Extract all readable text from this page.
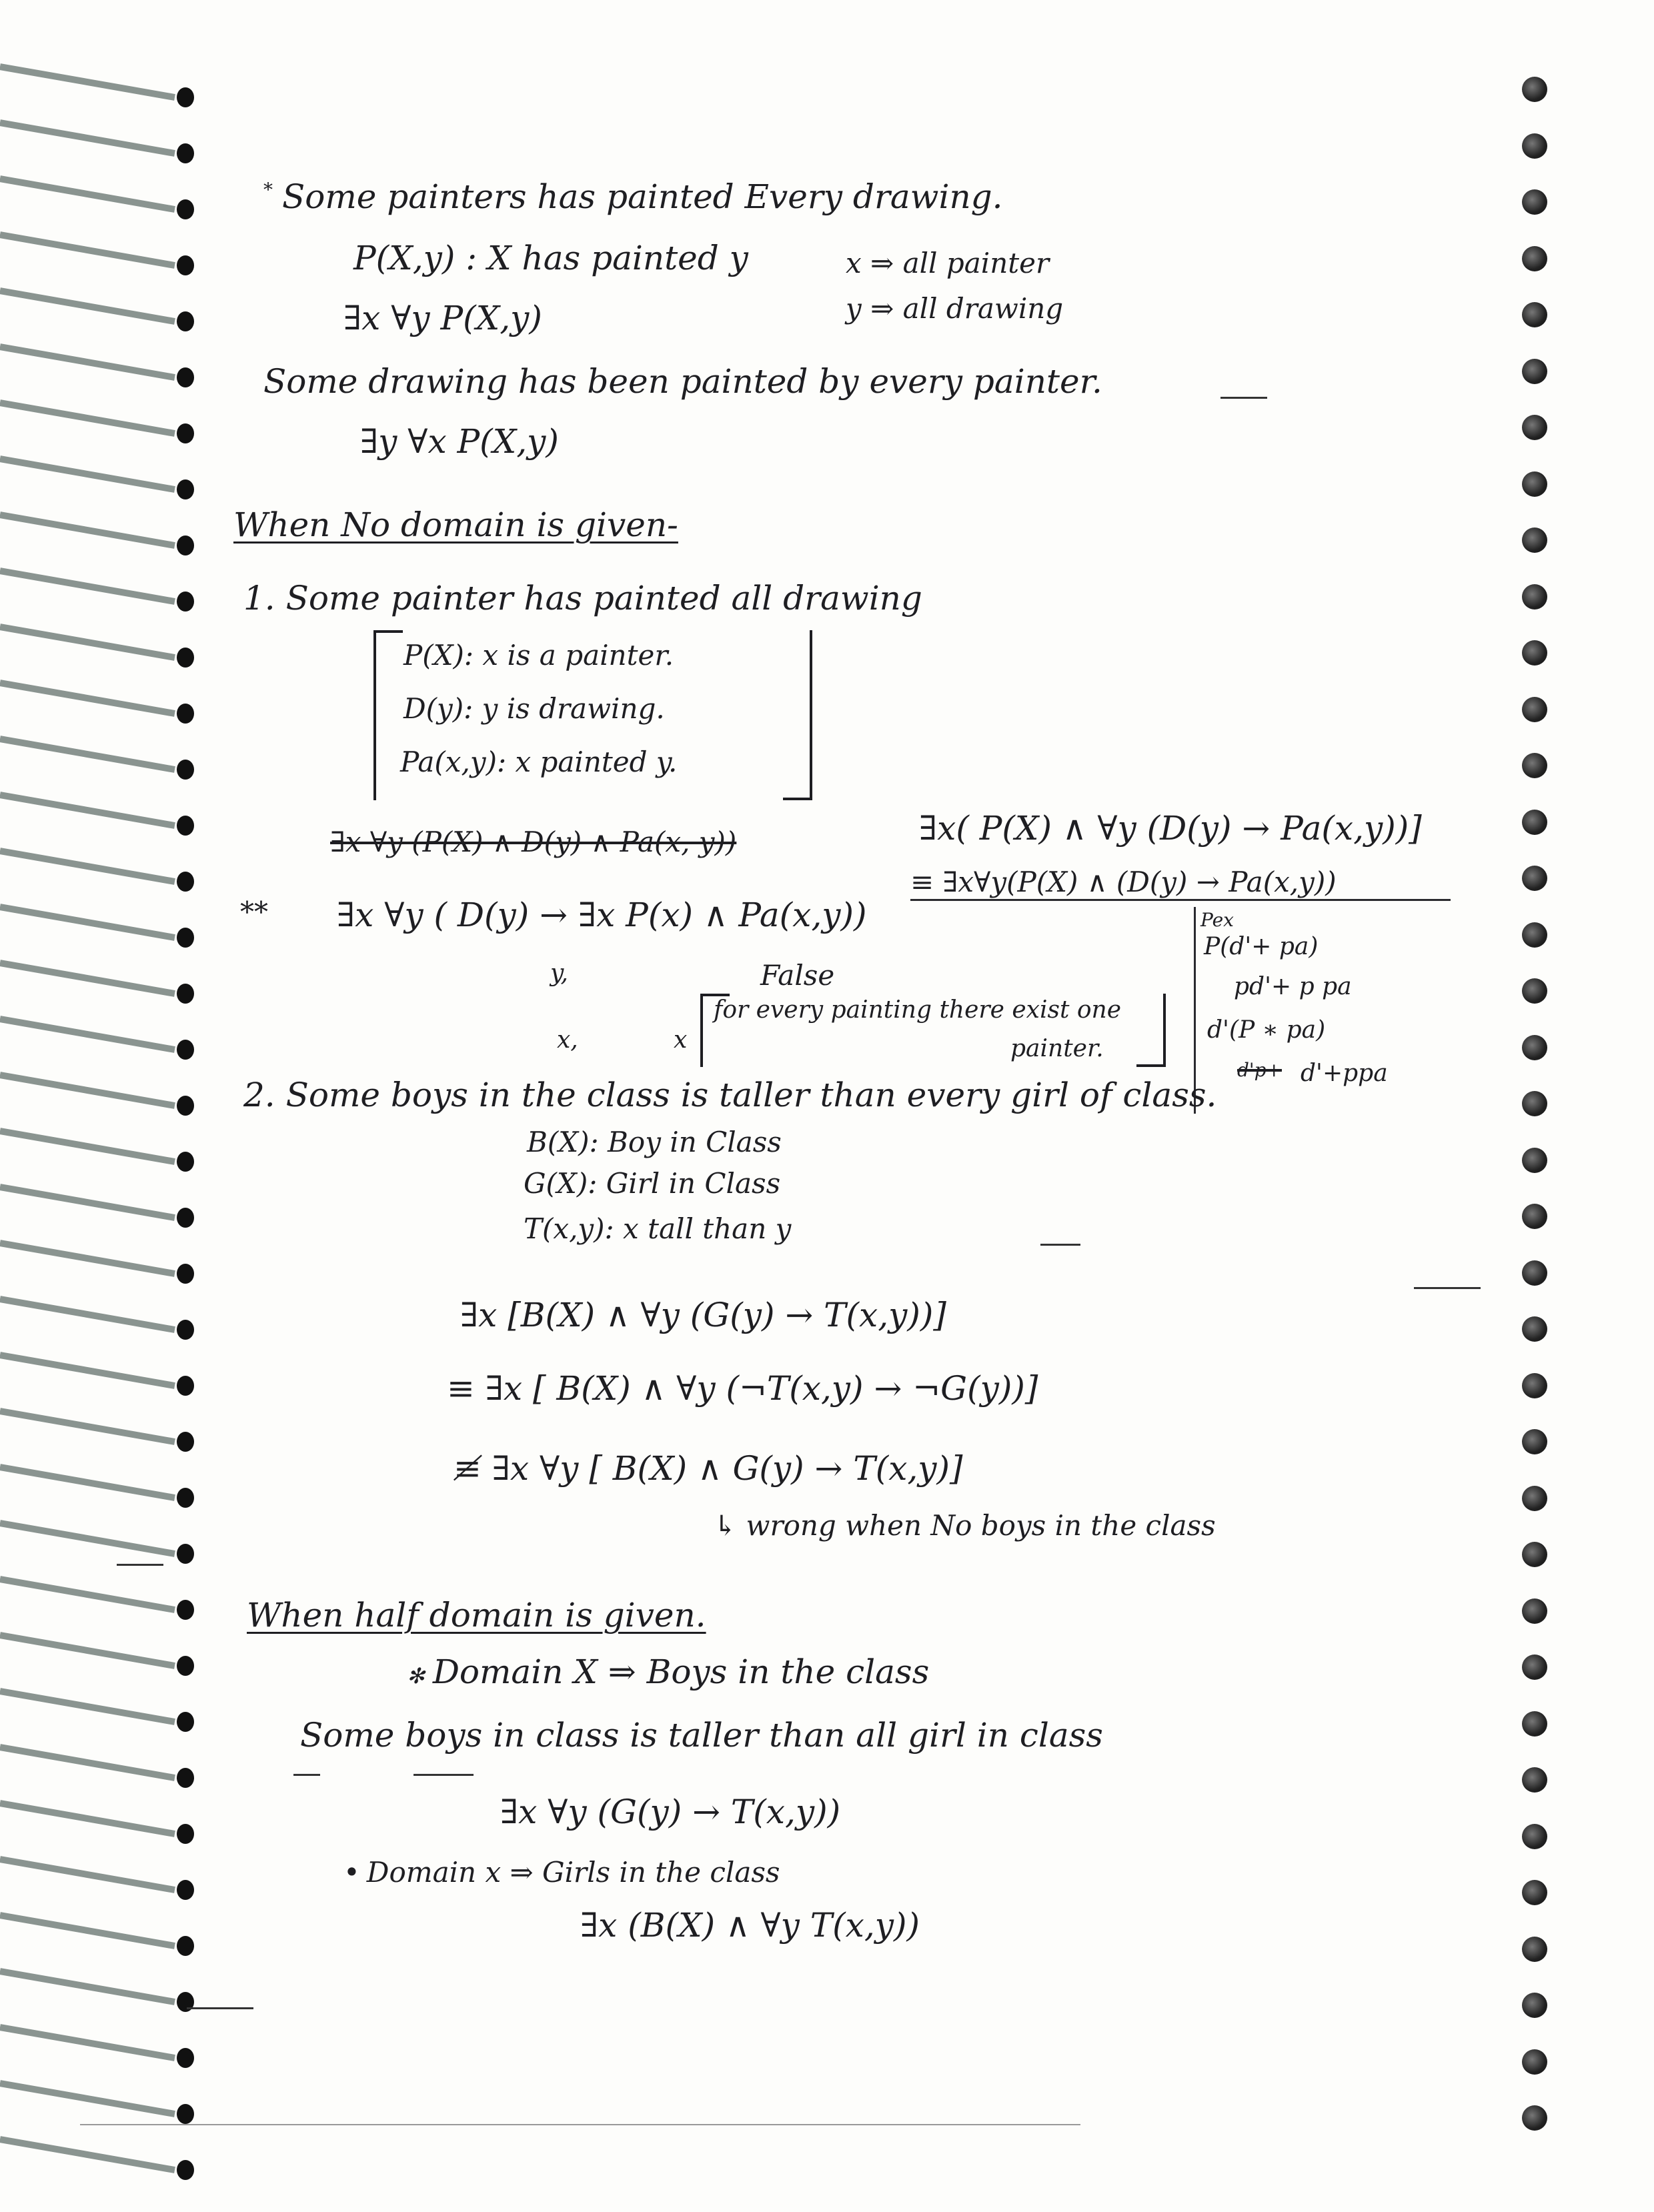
* Some painters has painted Every drawing.
P(X,y) : X has painted y	x ⇒ all painter
y ⇒ all drawing
∃x ∀y P(X,y)
Some drawing has been painted by every painter.
∃y ∀x P(X,y)
When No domain is given-
1. Some painter has painted all drawing
P(X): x is a painter.
D(y): y is drawing.
Pa(x,y): x painted y.
∃x ∀y (P(X) ∧ D(y) ∧ Pa(x, y))	∃x( P(X) ∧ ∀y (D(y) → Pa(x,y))]
≡ ∃x∀y(P(X) ∧ (D(y) → Pa(x,y))
** ∃x ∀y ( D(y) → ∃x P(x) ∧ Pa(x,y))
y,
x,	x
False
for every painting there exist one
painter.
Pex
P(d'+ pa)
pd'+ p pa
d'(P ∗ pa)
d'p+ d'+ppa
2. Some boys in the class is taller than every girl of class.
B(X): Boy in Class
G(X): Girl in Class
T(x,y): x tall than y
∃x [B(X) ∧ ∀y (G(y) → T(x,y))]
≡ ∃x [ B(X) ∧ ∀y (¬T(x,y) → ¬G(y))]
≢ ∃x ∀y [ B(X) ∧ G(y) → T(x,y)]
↳ wrong when No boys in the class
When half domain is given.
✻ Domain X ⇒ Boys in the class
Some boys in class is taller than all girl in class
∃x ∀y (G(y) → T(x,y))
• Domain x ⇒ Girls in the class
∃x (B(X) ∧ ∀y T(x,y))
